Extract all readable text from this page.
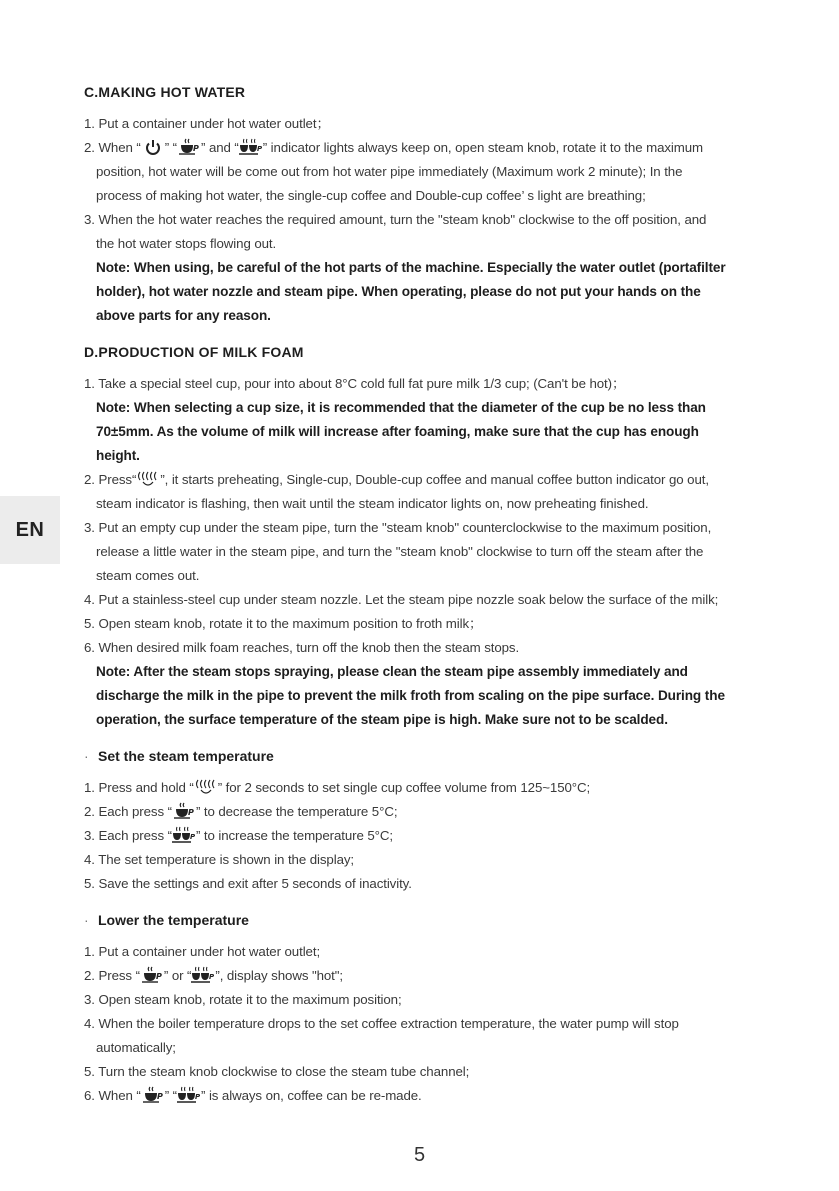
EN
C.MAKING HOT WATER
1. Put a container under hot water outlet；
2. When “ ” “ ” and “ ” indicator lights always keep on, open steam knob, rotate it to the maximum
position, hot water will be come out from hot water pipe immediately (Maximum work 2 minute); In the
process of making hot water, the single-cup coffee and Double-cup coffee’ s light are breathing;
3. When the hot water reaches the required amount, turn the "steam knob" clockwise to the off position, and
the hot water stops flowing out.
Note: When using, be careful of the hot parts of the machine. Especially the water outlet (portafilter
holder), hot water nozzle and steam pipe. When operating, please do not put your hands on the
above parts for any reason.
D.PRODUCTION OF MILK FOAM
1. Take a special steel cup, pour into about 8°C cold full fat pure milk 1/3 cup; (Can't be hot)；
Note: When selecting a cup size, it is recommended that the diameter of the cup be no less than
70±5mm. As the volume of milk will increase after foaming, make sure that the cup has enough
height.
2. Press“ ”, it starts preheating, Single-cup, Double-cup coffee and manual coffee button indicator go out,
steam indicator is flashing, then wait until the steam indicator lights on, now preheating finished.
3. Put an empty cup under the steam pipe, turn the "steam knob" counterclockwise to the maximum position,
release a little water in the steam pipe, and turn the "steam knob" clockwise to turn off the steam after the
steam comes out.
4. Put a stainless-steel cup under steam nozzle. Let the steam pipe nozzle soak below the surface of the milk;
5. Open steam knob, rotate it to the maximum position to froth milk；
6. When desired milk foam reaches, turn off the knob then the steam stops.
Note: After the steam stops spraying, please clean the steam pipe assembly immediately and
discharge the milk in the pipe to prevent the milk froth from scaling on the pipe surface. During the
operation, the surface temperature of the steam pipe is high. Make sure not to be scalded.
· Set the steam temperature
1. Press and hold “ ” for 2 seconds to set single cup coffee volume from 125~150°C;
2. Each press “ ” to decrease the temperature 5°C;
3. Each press “ ” to increase the temperature 5°C;
4. The set temperature is shown in the display;
5. Save the settings and exit after 5 seconds of inactivity.
· Lower the temperature
1. Put a container under hot water outlet;
2. Press “ ” or “ ”, display shows "hot";
3. Open steam knob, rotate it to the maximum position;
4. When the boiler temperature drops to the set coffee extraction temperature, the water pump will stop
automatically;
5. Turn the steam knob clockwise to close the steam tube channel;
6. When “ ” “ ” is always on, coffee can be re-made.
5
